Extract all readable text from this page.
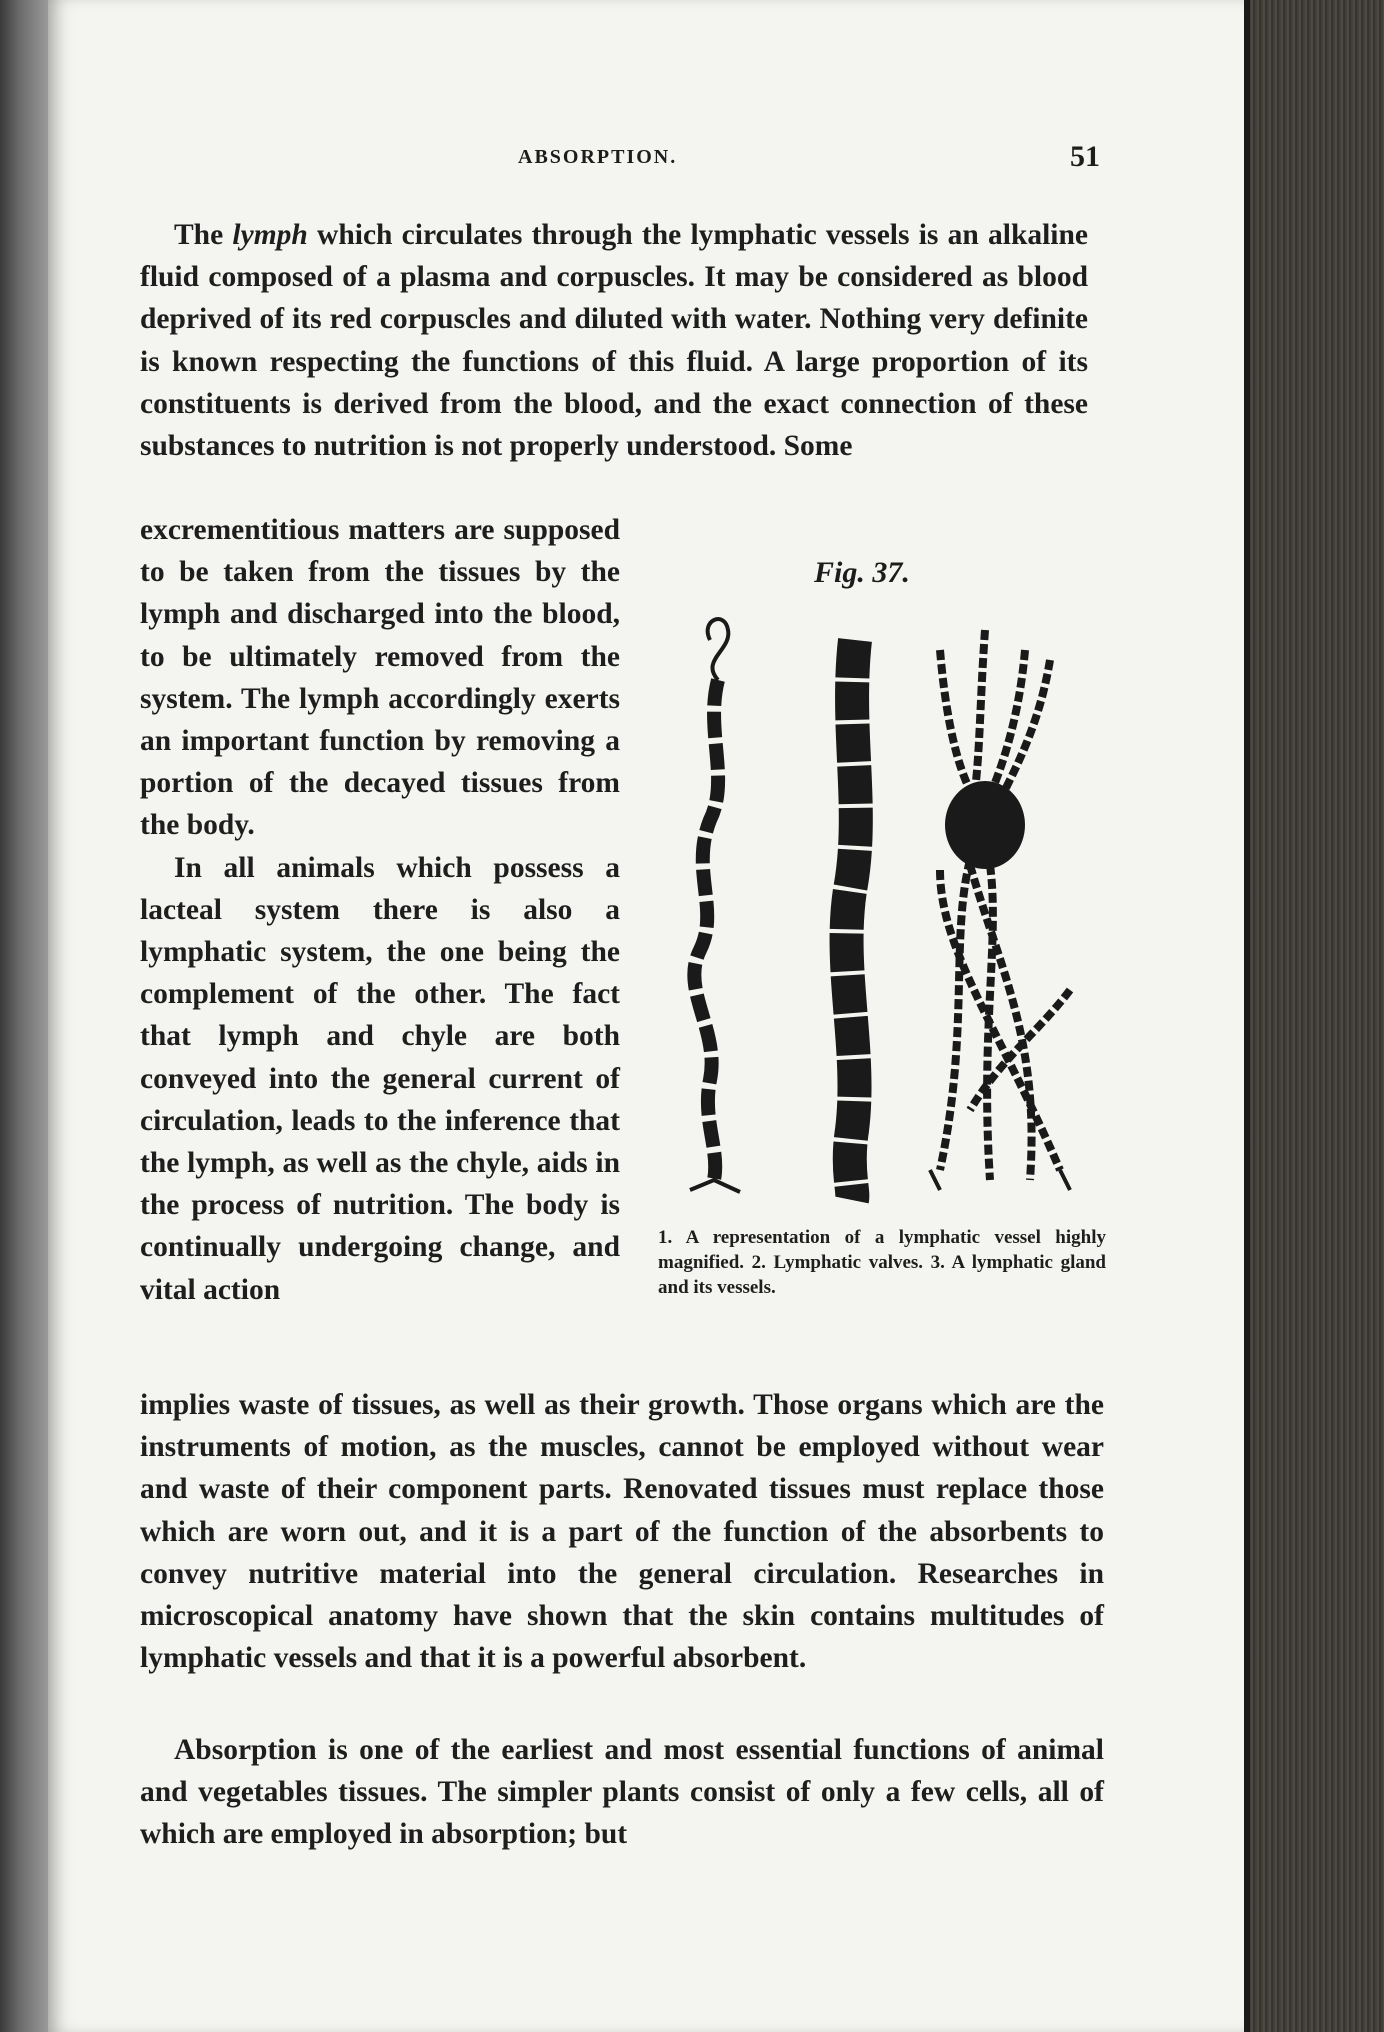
ABSORPTION.	51

The lymph which circulates through the lymphatic vessels is an alkaline fluid composed of a plasma and corpuscles. It may be considered as blood deprived of its red corpuscles and diluted with water. Nothing very definite is known respecting the functions of this fluid. A large proportion of its constituents is derived from the blood, and the exact connection of these substances to nutrition is not properly understood. Some

excrementitious matters are supposed to be taken from the tissues by the lymph and discharged into the blood, to be ultimately removed from the system. The lymph accordingly exerts an important function by removing a portion of the decayed tissues from the body.

In all animals which possess a lacteal system there is also a lymphatic system, the one being the complement of the other. The fact that lymph and chyle are both conveyed into the general current of circulation, leads to the inference that the lymph, as well as the chyle, aids in the process of nutrition. The body is continually undergoing change, and vital action

Fig. 37.
1. A representation of a lymphatic vessel highly magnified. 2. Lymphatic valves. 3. A lymphatic gland and its vessels.

implies waste of tissues, as well as their growth. Those organs which are the instruments of motion, as the muscles, cannot be employed without wear and waste of their component parts. Renovated tissues must replace those which are worn out, and it is a part of the function of the absorbents to convey nutritive material into the general circulation. Researches in microscopical anatomy have shown that the skin contains multitudes of lymphatic vessels and that it is a powerful absorbent.

Absorption is one of the earliest and most essential functions of animal and vegetables tissues. The simpler plants consist of only a few cells, all of which are employed in absorption; but
